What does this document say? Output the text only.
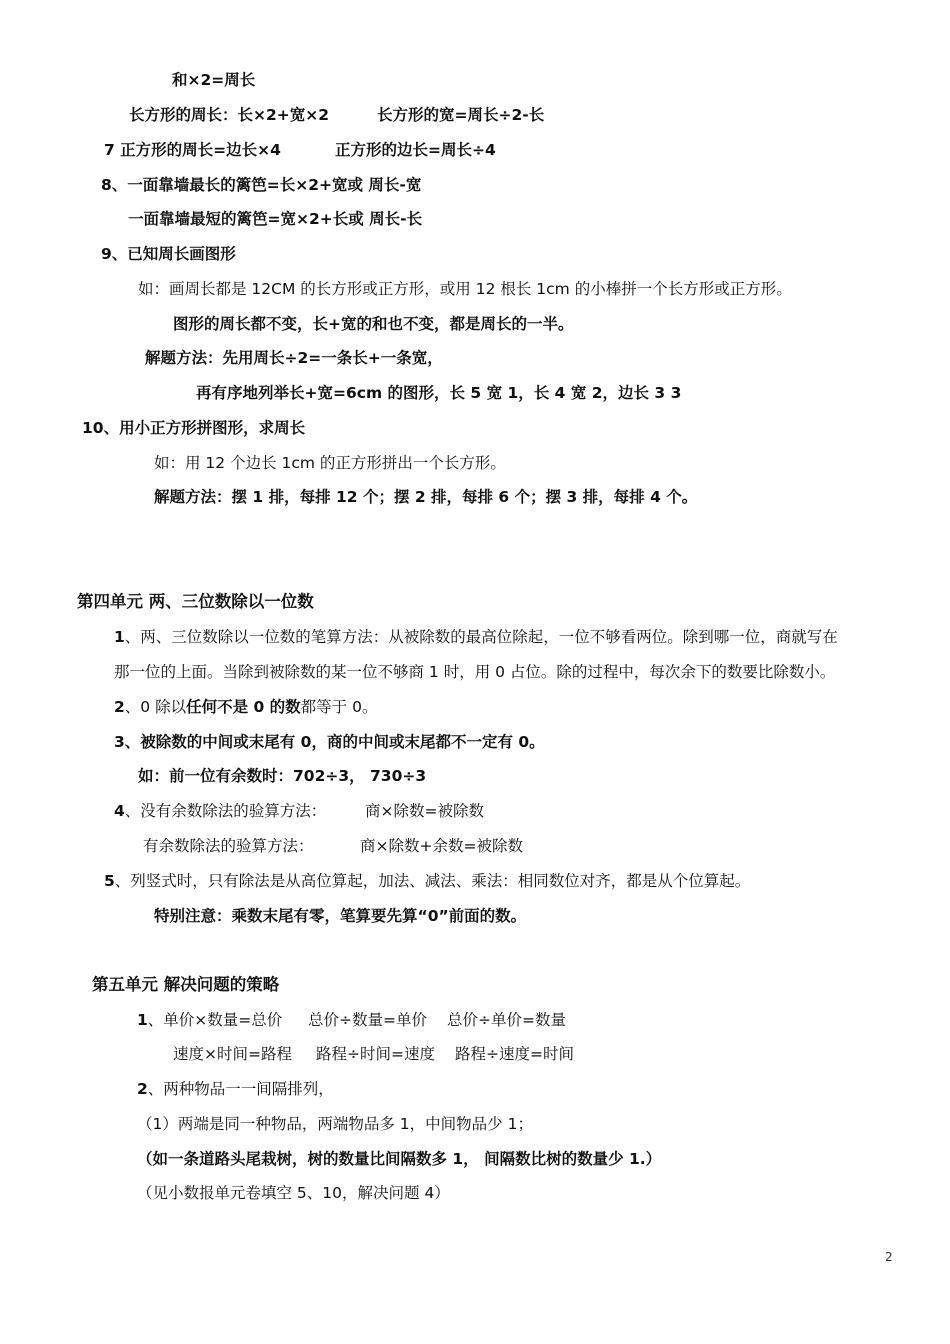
和×2=周长
长方形的周长：长×2+宽×2	长方形的宽=周长÷2-长
7 正方形的周长=边长×4	正方形的边长=周长÷4
8、一面靠墙最长的篱笆=长×2+宽或 周长-宽
一面靠墙最短的篱笆=宽×2+长或 周长-长
9、已知周长画图形
如：画周长都是 12CM 的长方形或正方形，或用 12 根长 1cm 的小棒拼一个长方形或正方形。
图形的周长都不变，长+宽的和也不变，都是周长的一半。
解题方法：先用周长÷2=一条长+一条宽，
再有序地列举长+宽=6cm 的图形，长 5 宽 1，长 4 宽 2，边长 3 3
10、用小正方形拼图形，求周长
如：用 12 个边长 1cm 的正方形拼出一个长方形。
解题方法：摆 1 排，每排 12 个；摆 2 排，每排 6 个；摆 3 排，每排 4 个。
第四单元 两、三位数除以一位数
1、两、三位数除以一位数的笔算方法：从被除数的最高位除起，一位不够看两位。除到哪一位，商就写在
那一位的上面。当除到被除数的某一位不够商 1 时，用 0 占位。除的过程中，每次余下的数要比除数小。
2、0 除以任何不是 0 的数都等于 0。
3、被除数的中间或末尾有 0，商的中间或末尾都不一定有 0。
如：前一位有余数时：702÷3， 730÷3
4、没有余数除法的验算方法： 商×除数=被除数
有余数除法的验算方法：	商×除数+余数=被除数
5、列竖式时，只有除法是从高位算起，加法、减法、乘法：相同数位对齐，都是从个位算起。
特别注意：乘数末尾有零，笔算要先算“0”前面的数。
第五单元 解决问题的策略
1、单价×数量=总价 总价÷数量=单价 总价÷单价=数量
速度×时间=路程 路程÷时间=速度 路程÷速度=时间
2、两种物品一一间隔排列，
（1）两端是同一种物品，两端物品多 1，中间物品少 1；
（如一条道路头尾栽树，树的数量比间隔数多 1， 间隔数比树的数量少 1.）
（见小数报单元卷填空 5、10，解决问题 4）
2
